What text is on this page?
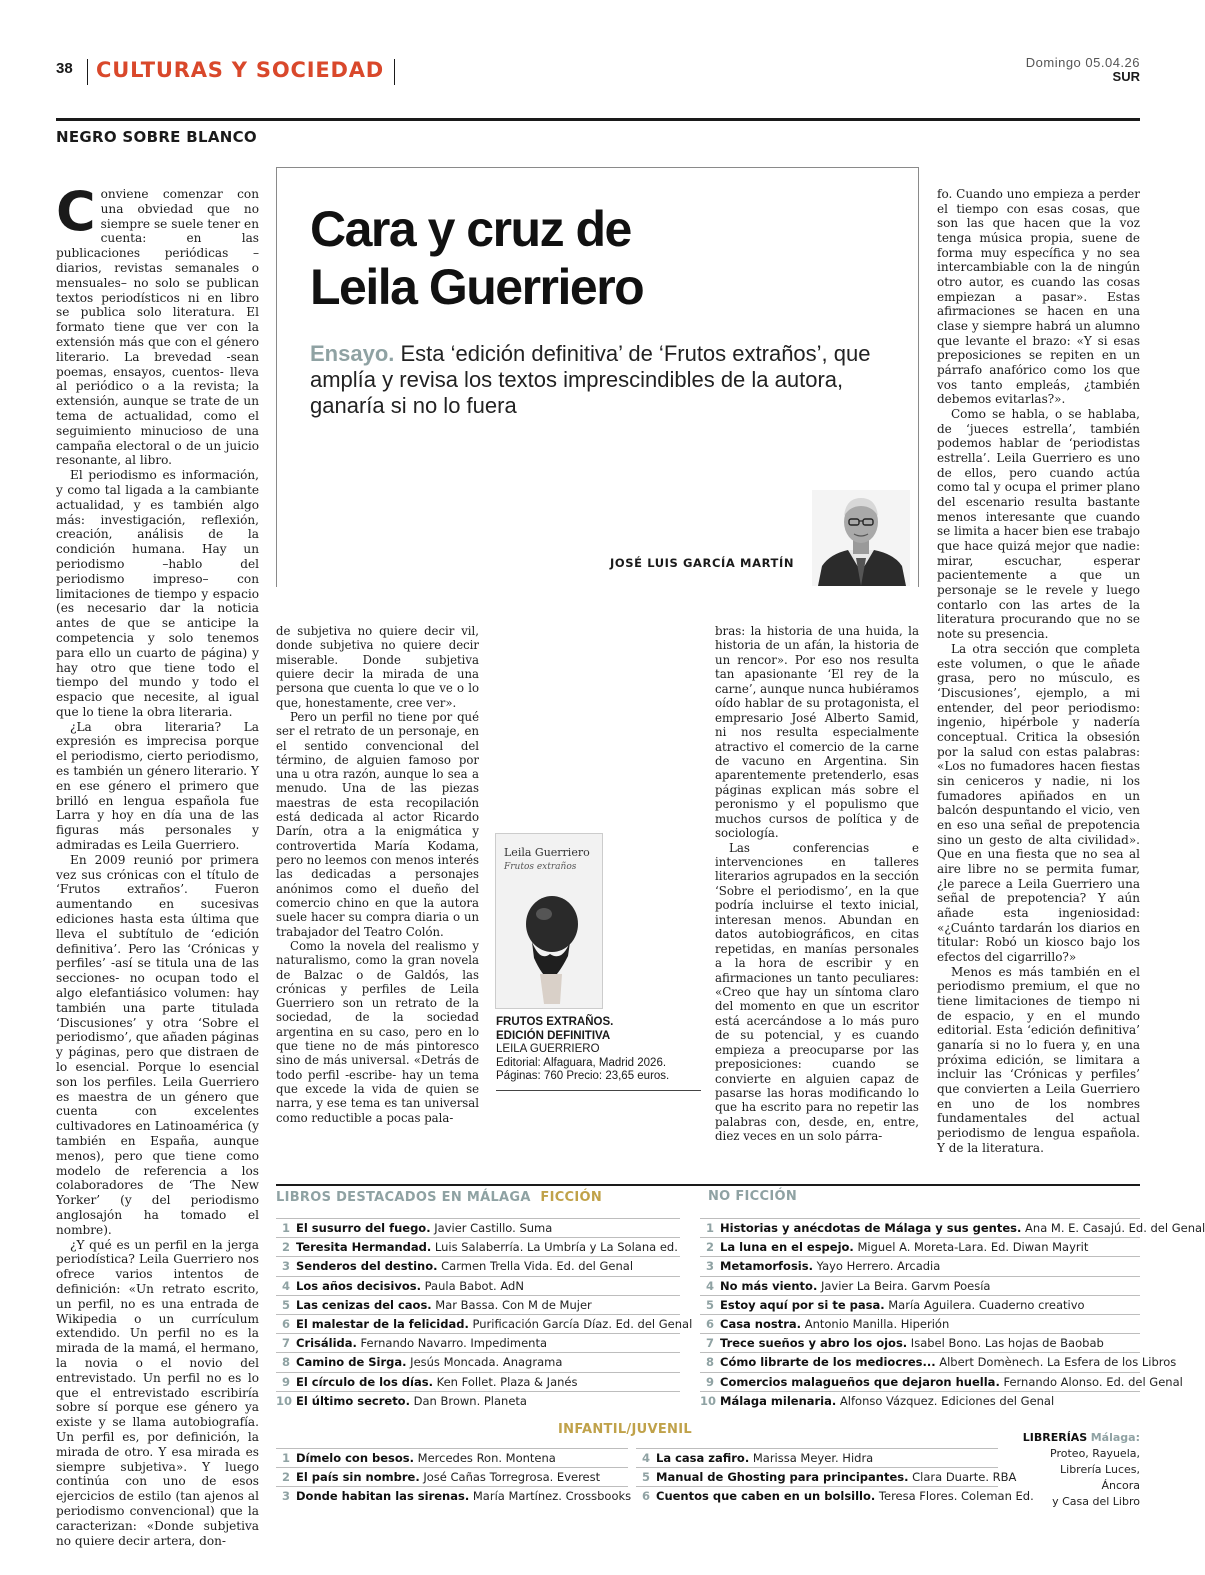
38 CULTURAS Y SOCIEDAD	Domingo 05.04.26
SUR
NEGRO SOBRE BLANCO
Cara y cruz de
Leila Guerriero
Ensayo. Esta ‘edición definitiva’ de ‘Frutos extraños’, que amplía y revisa los textos imprescindibles de la autora, ganaría si no lo fuera
JOSÉ LUIS GARCÍA MARTÍN

Conviene comenzar con una obviedad que no siempre se suele tener en cuenta: en las publicaciones periódicas –diarios, revistas semanales o mensuales– no solo se publican textos periodísticos ni en libro se publica solo literatura. El formato tiene que ver con la extensión más que con el género literario. La brevedad -sean poemas, ensayos, cuentos- lleva al periódico o a la revista; la extensión, aunque se trate de un tema de actualidad, como el seguimiento minucioso de una campaña electoral o de un juicio resonante, al libro.

El periodismo es información, y como tal ligada a la cambiante actualidad, y es también algo más: investigación, reflexión, creación, análisis de la condición humana. Hay un periodismo –hablo del periodismo impreso– con limitaciones de tiempo y espacio (es necesario dar la noticia antes de que se anticipe la competencia y solo tenemos para ello un cuarto de página) y hay otro que tiene todo el tiempo del mundo y todo el espacio que necesite, al igual que lo tiene la obra literaria.

¿La obra literaria? La expresión es imprecisa porque el periodismo, cierto periodismo, es también un género literario. Y en ese género el primero que brilló en lengua española fue Larra y hoy en día una de las figuras más personales y admiradas es Leila Guerriero.

En 2009 reunió por primera vez sus crónicas con el título de ‘Frutos extraños’. Fueron aumentando en sucesivas ediciones hasta esta última que lleva el subtítulo de ‘edición definitiva’. Pero las ‘Crónicas y perfiles’ -así se titula una de las secciones- no ocupan todo el algo elefantiásico volumen: hay también una parte titulada ‘Discusiones’ y otra ‘Sobre el periodismo’, que añaden páginas y páginas, pero que distraen de lo esencial. Porque lo esencial son los perfiles. Leila Guerriero es maestra de un género que cuenta con excelentes cultivadores en Latinoamérica (y también en España, aunque menos), pero que tiene como modelo de referencia a los colaboradores de ‘The New Yorker’ (y del periodismo anglosajón ha tomado el nombre).

¿Y qué es un perfil en la jerga periodística? Leila Guerriero nos ofrece varios intentos de definición: «Un retrato escrito, un perfil, no es una entrada de Wikipedia o un currículum extendido. Un perfil no es la mirada de la mamá, el hermano, la novia o el novio del entrevistado. Un perfil no es lo que el entrevistado escribiría sobre sí porque ese género ya existe y se llama autobiografía. Un perfil es, por definición, la mirada de otro. Y esa mirada es siempre subjetiva». Y luego continúa con uno de esos ejercicios de estilo (tan ajenos al periodismo convencional) que la caracterizan: «Donde subjetiva no quiere decir artera, don-

de subjetiva no quiere decir vil, donde subjetiva no quiere decir miserable. Donde subjetiva quiere decir la mirada de una persona que cuenta lo que ve o lo que, honestamente, cree ver».

Pero un perfil no tiene por qué ser el retrato de un personaje, en el sentido convencional del término, de alguien famoso por una u otra razón, aunque lo sea a menudo. Una de las piezas maestras de esta recopilación está dedicada al actor Ricardo Darín, otra a la enigmática y controvertida María Kodama, pero no leemos con menos interés las dedicadas a personajes anónimos como el dueño del comercio chino en que la autora suele hacer su compra diaria o un trabajador del Teatro Colón.

Como la novela del realismo y naturalismo, como la gran novela de Balzac o de Galdós, las crónicas y perfiles de Leila Guerriero son un retrato de la sociedad, de la sociedad argentina en su caso, pero en lo que tiene no de más pintoresco sino de más universal. «Detrás de todo perfil -escribe- hay un tema que excede la vida de quien se narra, y ese tema es tan universal como reductible a pocas pala-

bras: la historia de una huida, la historia de un afán, la historia de un rencor». Por eso nos resulta tan apasionante ‘El rey de la carne’, aunque nunca hubiéramos oído hablar de su protagonista, el empresario José Alberto Samid, ni nos resulta especialmente atractivo el comercio de la carne de vacuno en Argentina. Sin aparentemente pretenderlo, esas páginas explican más sobre el peronismo y el populismo que muchos cursos de política y de sociología.

Las conferencias e intervenciones en talleres literarios agrupados en la sección ‘Sobre el periodismo’, en la que podría incluirse el texto inicial, interesan menos. Abundan en datos autobiográficos, en citas repetidas, en manías personales a la hora de escribir y en afirmaciones un tanto peculiares: «Creo que hay un síntoma claro del momento en que un escritor está acercándose a lo más puro de su potencial, y es cuando empieza a preocuparse por las preposiciones: cuando se convierte en alguien capaz de pasarse las horas modificando lo que ha escrito para no repetir las palabras con, desde, en, entre, diez veces en un solo párra-

fo. Cuando uno empieza a perder el tiempo con esas cosas, que son las que hacen que la voz tenga música propia, suene de forma muy específica y no sea intercambiable con la de ningún otro autor, es cuando las cosas empiezan a pasar». Estas afirmaciones se hacen en una clase y siempre habrá un alumno que levante el brazo: «Y si esas preposiciones se repiten en un párrafo anafórico como los que vos tanto empleás, ¿también debemos evitarlas?».

Como se habla, o se hablaba, de ‘jueces estrella’, también podemos hablar de ‘periodistas estrella’. Leila Guerriero es uno de ellos, pero cuando actúa como tal y ocupa el primer plano del escenario resulta bastante menos interesante que cuando se limita a hacer bien ese trabajo que hace quizá mejor que nadie: mirar, escuchar, esperar pacientemente a que un personaje se le revele y luego contarlo con las artes de la literatura procurando que no se note su presencia.

La otra sección que completa este volumen, o que le añade grasa, pero no músculo, es ‘Discusiones’, ejemplo, a mi entender, del peor periodismo: ingenio, hipérbole y nadería conceptual. Critica la obsesión por la salud con estas palabras: «Los no fumadores hacen fiestas sin ceniceros y nadie, ni los fumadores apiñados en un balcón despuntando el vicio, ven en eso una señal de prepotencia sino un gesto de alta civilidad». Que en una fiesta que no sea al aire libre no se permita fumar, ¿le parece a Leila Guerriero una señal de prepotencia? Y aún añade esta ingeniosidad: «¿Cuánto tardarán los diarios en titular: Robó un kiosco bajo los efectos del cigarrillo?»

Menos es más también en el periodismo premium, el que no tiene limitaciones de tiempo ni de espacio, y en el mundo editorial. Esta ‘edición definitiva’ ganaría si no lo fuera y, en una próxima edición, se limitara a incluir las ‘Crónicas y perfiles’ que convierten a Leila Guerriero en uno de los nombres fundamentales del actual periodismo de lengua española. Y de la literatura.

Leila Guerriero
Frutos extraños
FRUTOS EXTRAÑOS.
EDICIÓN DEFINITIVA
LEILA GUERRIERO
Editorial: Alfaguara, Madrid 2026.
Páginas: 760 Precio: 23,65 euros.
LIBROS DESTACADOS EN MÁLAGA FICCIÓN	NO FICCIÓN
1 El susurro del fuego. Javier Castillo. Suma
2 Teresita Hermandad. Luis Salaberría. La Umbría y La Solana ed.
3 Senderos del destino. Carmen Trella Vida. Ed. del Genal
4 Los años decisivos. Paula Babot. AdN
5 Las cenizas del caos. Mar Bassa. Con M de Mujer
6 El malestar de la felicidad. Purificación García Díaz. Ed. del Genal
7 Crisálida. Fernando Navarro. Impedimenta
8 Camino de Sirga. Jesús Moncada. Anagrama
9 El círculo de los días. Ken Follet. Plaza & Janés
10 El último secreto. Dan Brown. Planeta
1 Historias y anécdotas de Málaga y sus gentes. Ana M. E. Casajú. Ed. del Genal
2 La luna en el espejo. Miguel A. Moreta-Lara. Ed. Diwan Mayrit
3 Metamorfosis. Yayo Herrero. Arcadia
4 No más viento. Javier La Beira. Garvm Poesía
5 Estoy aquí por si te pasa. María Aguilera. Cuaderno creativo
6 Casa nostra. Antonio Manilla. Hiperión
7 Trece sueños y abro los ojos. Isabel Bono. Las hojas de Baobab
8 Cómo librarte de los mediocres... Albert Domènech. La Esfera de los Libros
9 Comercios malagueños que dejaron huella. Fernando Alonso. Ed. del Genal
10 Málaga milenaria. Alfonso Vázquez. Ediciones del Genal
INFANTIL/JUVENIL
1 Dímelo con besos. Mercedes Ron. Montena
2 El país sin nombre. José Cañas Torregrosa. Everest
3 Donde habitan las sirenas. María Martínez. Crossbooks
4 La casa zafiro. Marissa Meyer. Hidra
5 Manual de Ghosting para principantes. Clara Duarte. RBA
6 Cuentos que caben en un bolsillo. Teresa Flores. Coleman Ed.
LIBRERÍAS Málaga:
Proteo, Rayuela,
Librería Luces, Áncora
y Casa del Libro
